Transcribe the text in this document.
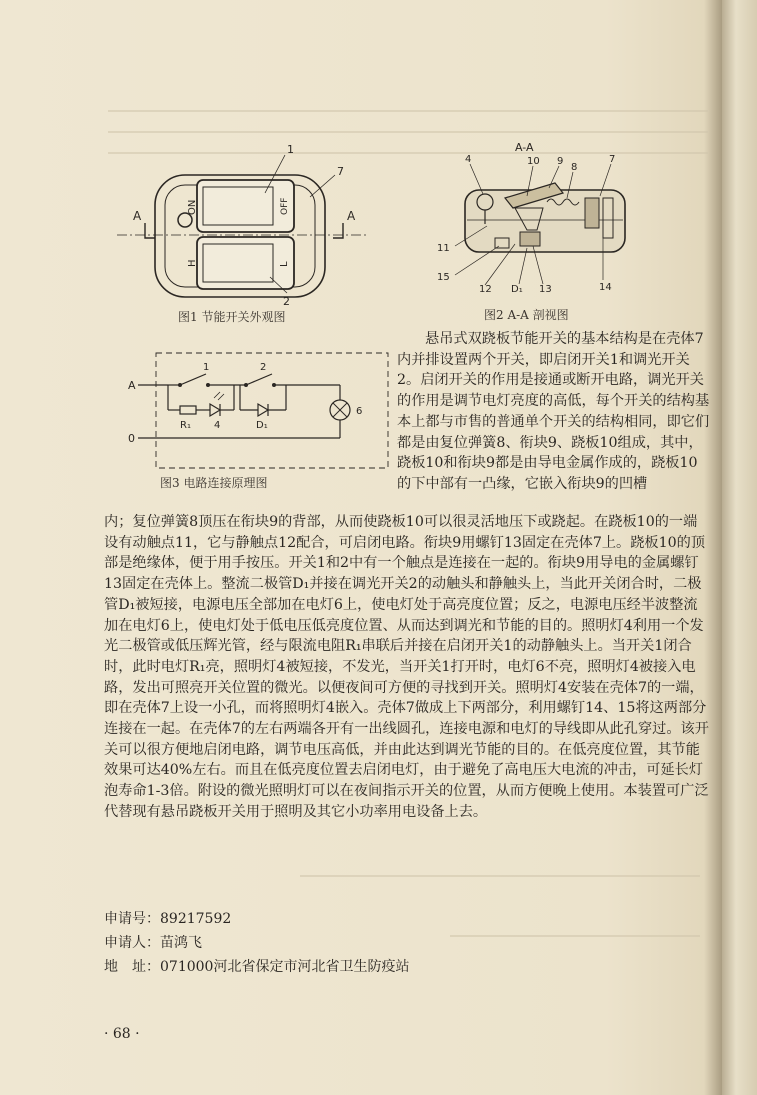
1
7
2
A	A
ON	OFF
H	L
图1 节能开关外观图
A-A
4	10 9
8
7
11
15
12 D₁ 13	14
图2 A-A 剖视图
A
0
1	2
R₁ 4	D₁
6
图3 电路连接原理图
悬吊式双跷板节能开关的基本结构是在壳体7内并排设置两个开关，即启闭开关1和调光开关2。启闭开关的作用是接通或断开电路，调光开关的作用是调节电灯亮度的高低，每个开关的结构基本上都与市售的普通单个开关的结构相同，即它们都是由复位弹簧8、衔块9、跷板10组成，其中，跷板10和衔块9都是由导电金属作成的，跷板10的下中部有一凸缘，它嵌入衔块9的凹槽
内；复位弹簧8顶压在衔块9的背部，从而使跷板10可以很灵活地压下或跷起。在跷板10的一端设有动触点11，它与静触点12配合，可启闭电路。衔块9用螺钉13固定在壳体7上。跷板10的顶部是绝缘体，便于用手按压。开关1和2中有一个触点是连接在一起的。衔块9用导电的金属螺钉13固定在壳体上。整流二极管D₁并接在调光开关2的动触头和静触头上，当此开关闭合时，二极管D₁被短接，电源电压全部加在电灯6上，使电灯处于高亮度位置；反之，电源电压经半波整流加在电灯6上，使电灯处于低电压低亮度位置、从而达到调光和节能的目的。照明灯4利用一个发光二极管或低压辉光管，经与限流电阻R₁串联后并接在启闭开关1的动静触头上。当开关1闭合时，此时电灯R₁亮，照明灯4被短接，不发光，当开关1打开时，电灯6不亮，照明灯4被接入电路，发出可照亮开关位置的微光。以便夜间可方便的寻找到开关。照明灯4安装在壳体7的一端，即在壳体7上设一小孔，而将照明灯4嵌入。壳体7做成上下两部分，利用螺钉14、15将这两部分连接在一起。在壳体7的左右两端各开有一出线圆孔，连接电源和电灯的导线即从此孔穿过。该开关可以很方便地启闭电路，调节电压高低，并由此达到调光节能的目的。在低亮度位置，其节能效果可达40%左右。而且在低亮度位置去启闭电灯，由于避免了高电压大电流的冲击，可延长灯泡寿命1-3倍。附设的微光照明灯可以在夜间指示开关的位置，从而方便晚上使用。本装置可广泛代替现有悬吊跷板开关用于照明及其它小功率用电设备上去。
申请号：89217592
申请人：苗鸿飞
地　址：071000河北省保定市河北省卫生防疫站
· 68 ·
